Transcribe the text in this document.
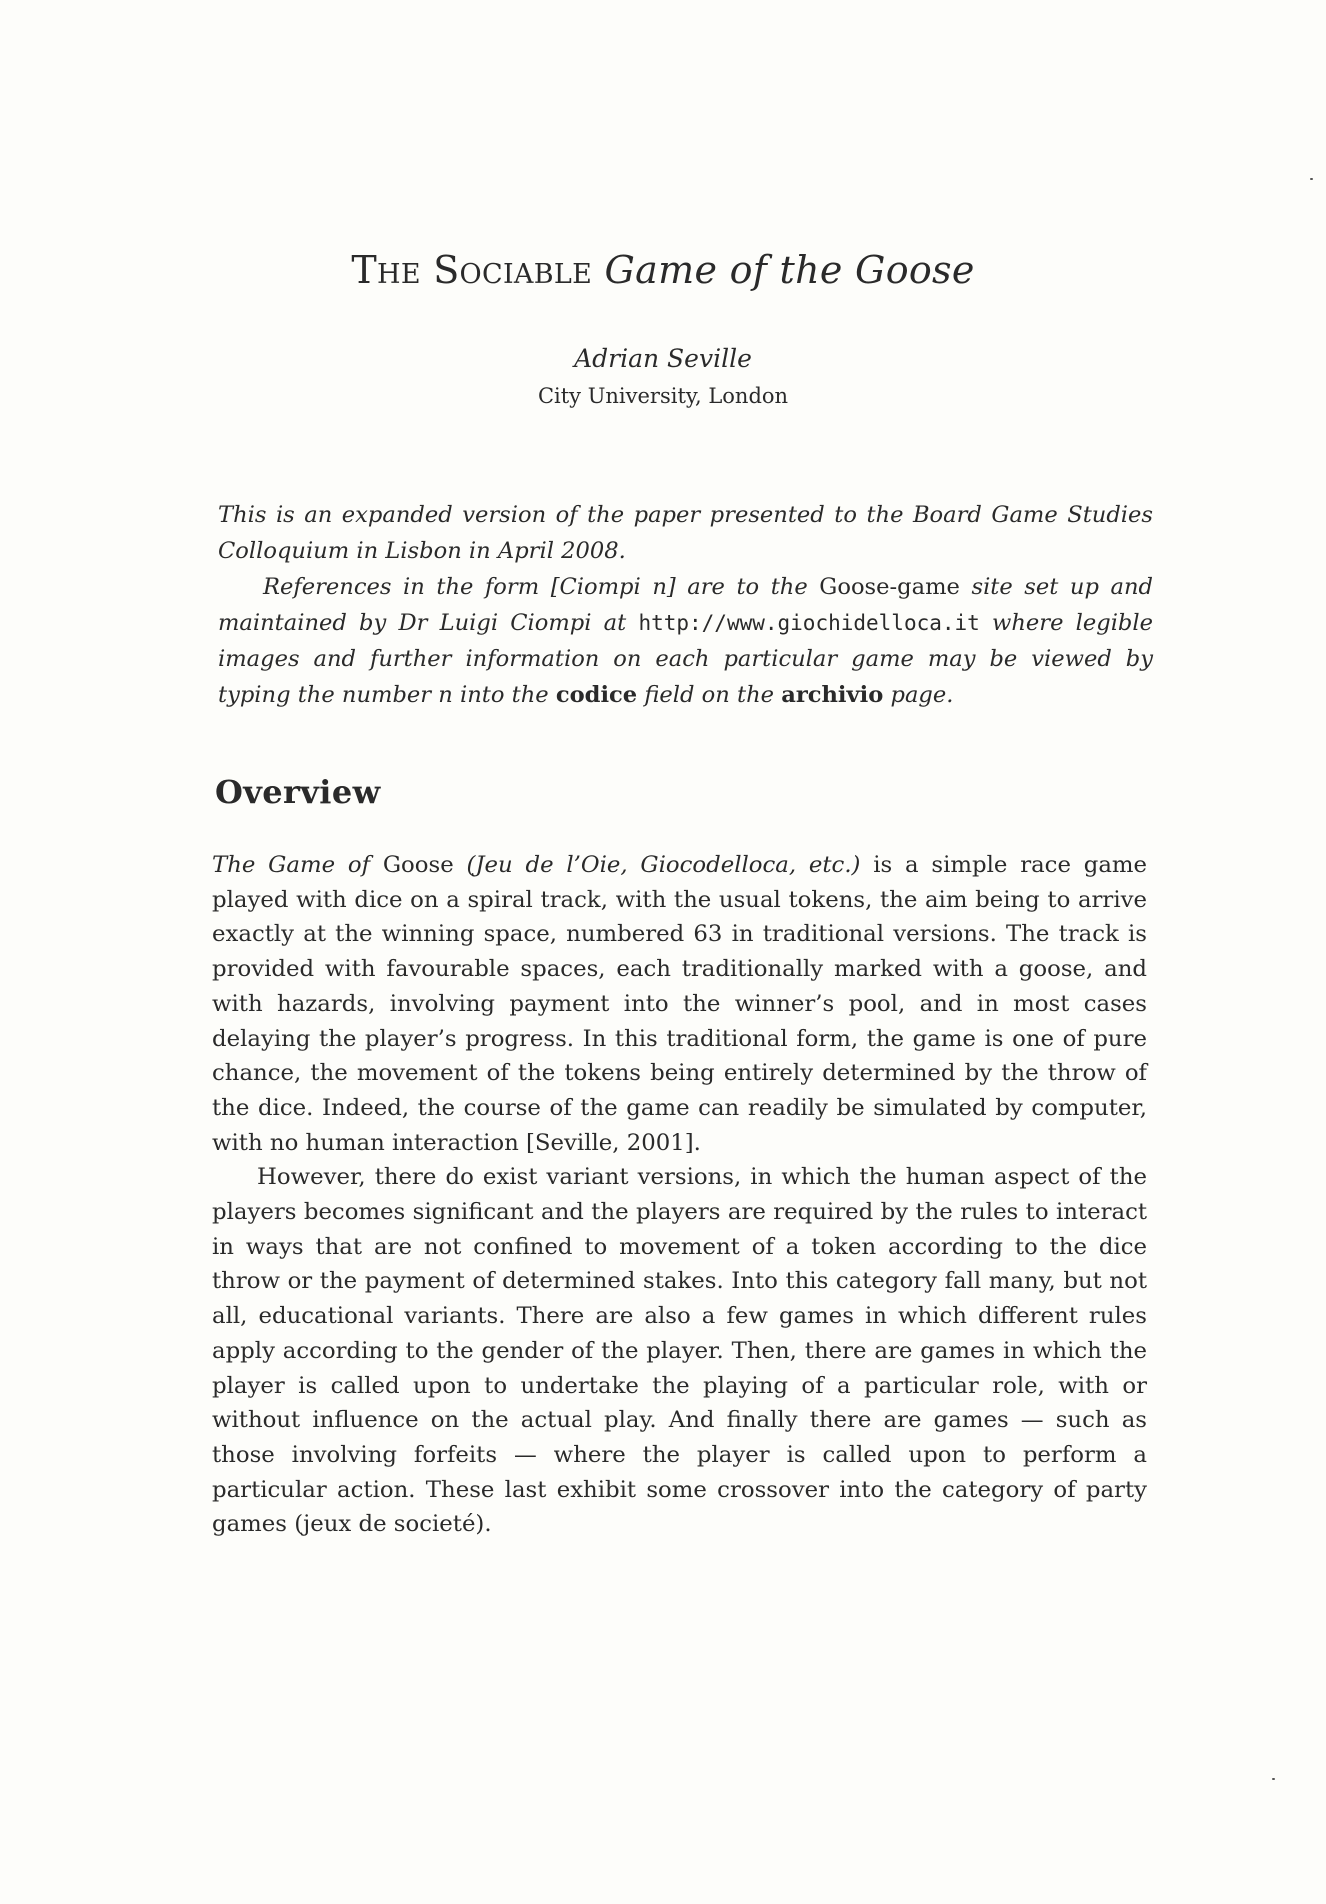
The Sociable Game of the Goose
Adrian Seville
City University, London

This is an expanded version of the paper presented to the Board Game Studies Colloquium in Lisbon in April 2008.

References in the form [Ciompi n] are to the Goose-game site set up and maintained by Dr Luigi Ciompi at http://www.giochidelloca.it where legible images and further information on each particular game may be viewed by typing the number n into the codice field on the archivio page.

Overview

The Game of Goose (Jeu de l’Oie, Giocodelloca, etc.) is a simple race game played with dice on a spiral track, with the usual tokens, the aim being to arrive exactly at the winning space, numbered 63 in traditional versions. The track is provided with favourable spaces, each traditionally marked with a goose, and with hazards, involving payment into the winner’s pool, and in most cases delaying the player’s progress. In this traditional form, the game is one of pure chance, the movement of the tokens being entirely determined by the throw of the dice. Indeed, the course of the game can readily be simulated by computer, with no human interaction [Seville, 2001].

However, there do exist variant versions, in which the human aspect of the players becomes significant and the players are required by the rules to interact in ways that are not confined to movement of a token according to the dice throw or the payment of determined stakes. Into this category fall many, but not all, educational variants. There are also a few games in which different rules apply according to the gender of the player. Then, there are games in which the player is called upon to undertake the playing of a particular role, with or without influence on the actual play. And finally there are games — such as those involving forfeits — where the player is called upon to perform a particular action. These last exhibit some crossover into the category of party games (jeux de societé).
